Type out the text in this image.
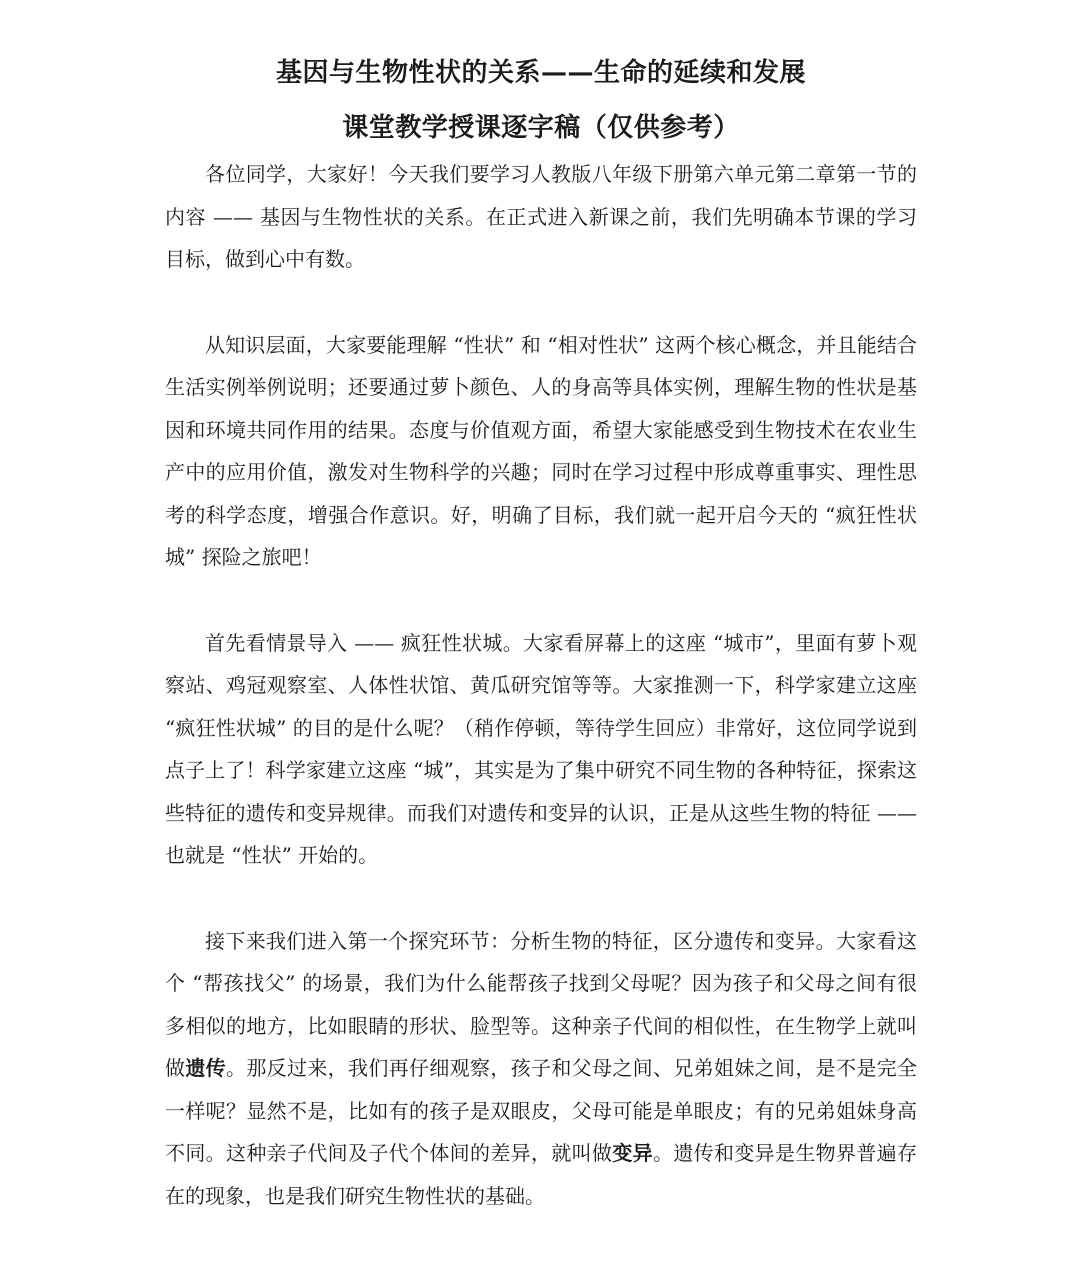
基因与生物性状的关系——生命的延续和发展
课堂教学授课逐字稿（仅供参考）

各位同学，大家好！今天我们要学习人教版八年级下册第六单元第二章第一节的内容 —— 基因与生物性状的关系。在正式进入新课之前，我们先明确本节课的学习目标，做到心中有数。

从知识层面，大家要能理解 “性状” 和 “相对性状” 这两个核心概念，并且能结合生活实例举例说明；还要通过萝卜颜色、人的身高等具体实例，理解生物的性状是基因和环境共同作用的结果。态度与价值观方面，希望大家能感受到生物技术在农业生产中的应用价值，激发对生物科学的兴趣；同时在学习过程中形成尊重事实、理性思考的科学态度，增强合作意识。好，明确了目标，我们就一起开启今天的 “疯狂性状城” 探险之旅吧！

首先看情景导入 —— 疯狂性状城。大家看屏幕上的这座 “城市”，里面有萝卜观察站、鸡冠观察室、人体性状馆、黄瓜研究馆等等。大家推测一下，科学家建立这座 “疯狂性状城” 的目的是什么呢？（稍作停顿，等待学生回应）非常好，这位同学说到点子上了！科学家建立这座 “城”，其实是为了集中研究不同生物的各种特征，探索这些特征的遗传和变异规律。而我们对遗传和变异的认识，正是从这些生物的特征 —— 也就是 “性状” 开始的。

接下来我们进入第一个探究环节：分析生物的特征，区分遗传和变异。大家看这个 “帮孩找父” 的场景，我们为什么能帮孩子找到父母呢？因为孩子和父母之间有很多相似的地方，比如眼睛的形状、脸型等。这种亲子代间的相似性，在生物学上就叫做遗传。那反过来，我们再仔细观察，孩子和父母之间、兄弟姐妹之间，是不是完全一样呢？显然不是，比如有的孩子是双眼皮，父母可能是单眼皮；有的兄弟姐妹身高不同。这种亲子代间及子代个体间的差异，就叫做变异。遗传和变异是生物界普遍存在的现象，也是我们研究生物性状的基础。
